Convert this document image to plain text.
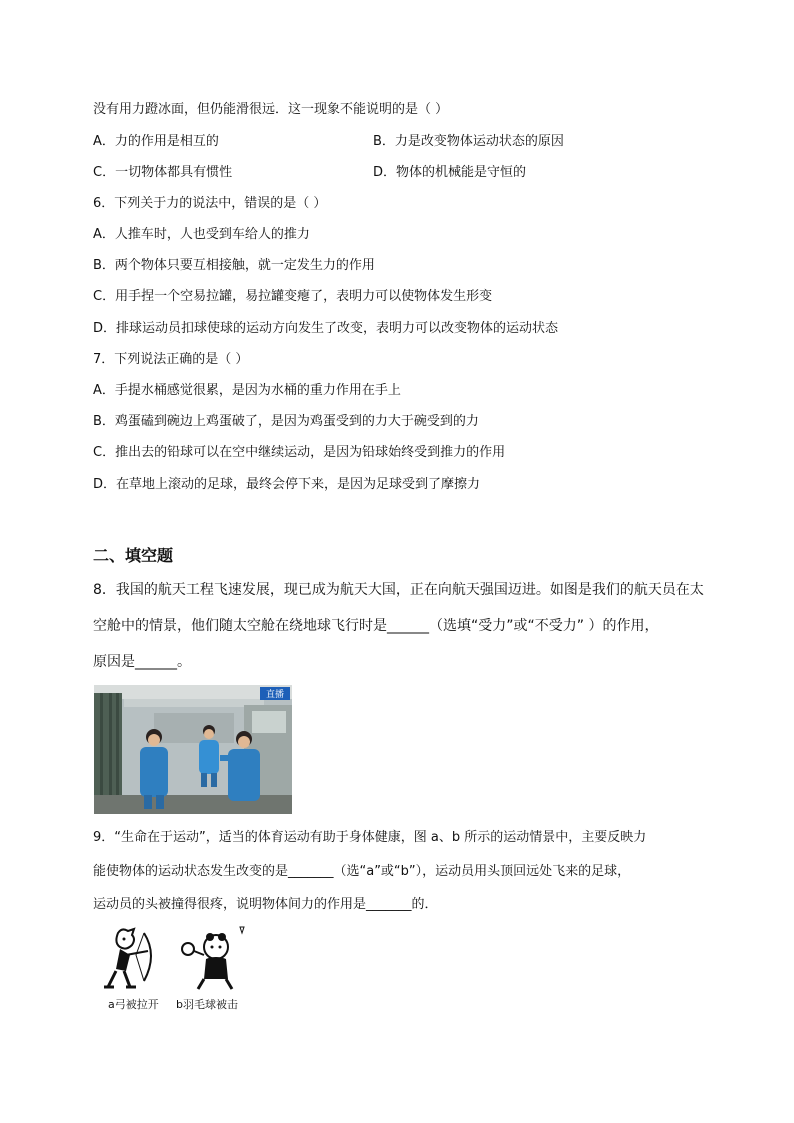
没有用力蹬冰面，但仍能滑很远．这一现象不能说明的是（ ）
A．力的作用是相互的	B．力是改变物体运动状态的原因
C．一切物体都具有惯性	D．物体的机械能是守恒的
6．下列关于力的说法中，错误的是（ ）
A．人推车时，人也受到车给人的推力
B．两个物体只要互相接触，就一定发生力的作用
C．用手捏一个空易拉罐，易拉罐变瘪了，表明力可以使物体发生形变
D．排球运动员扣球使球的运动方向发生了改变，表明力可以改变物体的运动状态
7．下列说法正确的是（ ）
A．手提水桶感觉很累，是因为水桶的重力作用在手上
B．鸡蛋磕到碗边上鸡蛋破了，是因为鸡蛋受到的力大于碗受到的力
C．推出去的铅球可以在空中继续运动，是因为铅球始终受到推力的作用
D．在草地上滚动的足球，最终会停下来，是因为足球受到了摩擦力
二、填空题
8．我国的航天工程飞速发展，现已成为航天大国，正在向航天强国迈进。如图是我们的航天员在太
空舱中的情景，他们随太空舱在绕地球飞行时是______（选填“受力”或“不受力” ）的作用，
原因是______。
直播
9．“生命在于运动”，适当的体育运动有助于身体健康，图 a、b 所示的运动情景中，主要反映力
能使物体的运动状态发生改变的是_______（选“a”或“b”），运动员用头顶回远处飞来的足球，
运动员的头被撞得很疼，说明物体间力的作用是_______的．
a弓被拉开 b羽毛球被击
